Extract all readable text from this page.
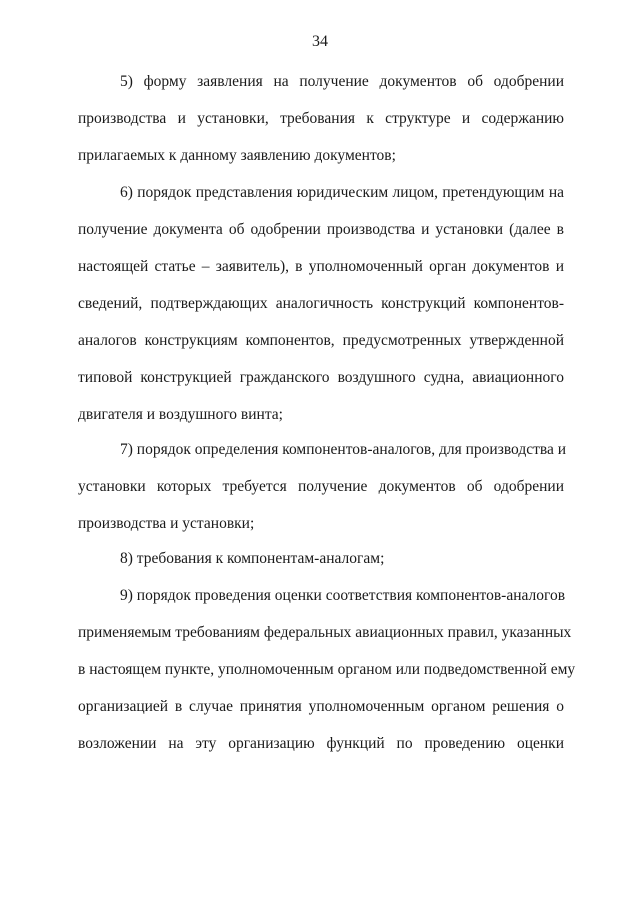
34
5) форму заявления на получение документов об одобрении
производства и установки, требования к структуре и содержанию
прилагаемых к данному заявлению документов;
6) порядок представления юридическим лицом, претендующим на
получение документа об одобрении производства и установки (далее в
настоящей статье – заявитель), в уполномоченный орган документов и
сведений, подтверждающих аналогичность конструкций компонентов-
аналогов конструкциям компонентов, предусмотренных утвержденной
типовой конструкцией гражданского воздушного судна, авиационного
двигателя и воздушного винта;
7) порядок определения компонентов-аналогов, для производства и
установки которых требуется получение документов об одобрении
производства и установки;
8) требования к компонентам-аналогам;
9) порядок проведения оценки соответствия компонентов-аналогов
применяемым требованиям федеральных авиационных правил, указанных
в настоящем пункте, уполномоченным органом или подведомственной ему
организацией в случае принятия уполномоченным органом решения о
возложении на эту организацию функций по проведению оценки
